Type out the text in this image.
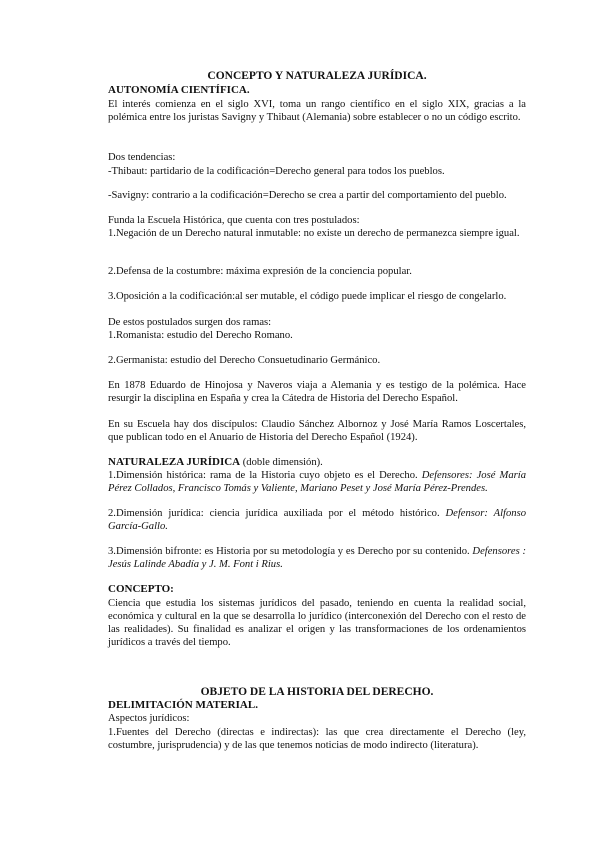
CONCEPTO Y NATURALEZA JURÍDICA.
AUTONOMÍA CIENTÍFICA.

El interés comienza en el siglo XVI, toma un rango científico en el siglo XIX, gracias a la polémica entre los juristas Savigny y Thibaut (Alemania) sobre establecer o no un código escrito.

Dos tendencias:

-Thibaut: partidario de la codificación=Derecho general para todos los pueblos.

-Savigny: contrario a la codificación=Derecho se crea a partir del comportamiento del pueblo.

Funda la Escuela Histórica, que cuenta con tres postulados:

1.Negación de un Derecho natural inmutable: no existe un derecho de permanezca siempre igual.

2.Defensa de la costumbre: máxima expresión de la conciencia popular.

3.Oposición a la codificación:al ser mutable, el código puede implicar el riesgo de congelarlo.

De estos postulados surgen dos ramas:

1.Romanista: estudio del Derecho Romano.

2.Germanista: estudio del Derecho Consuetudinario Germánico.

En 1878 Eduardo de Hinojosa y Naveros viaja a Alemania y es testigo de la polémica. Hace resurgir la disciplina en España y crea la Cátedra de Historia del Derecho Español.

En su Escuela hay dos discípulos: Claudio Sánchez Albornoz y José María Ramos Loscertales, que publican todo en el Anuario de Historia del Derecho Español (1924).

NATURALEZA JURÍDICA (doble dimensión).

1.Dimensión histórica: rama de la Historia cuyo objeto es el Derecho. Defensores: José María Pérez Collados, Francisco Tomás y Valiente, Mariano Peset y José María Pérez-Prendes.

2.Dimensión jurídica: ciencia jurídica auxiliada por el método histórico. Defensor: Alfonso García-Gallo.

3.Dimensión bifronte: es Historia por su metodología y es Derecho por su contenido. Defensores : Jesús Lalinde Abadía y J. M. Font i Rius.

CONCEPTO:

Ciencia que estudia los sistemas jurídicos del pasado, teniendo en cuenta la realidad social, económica y cultural en la que se desarrolla lo jurídico (interconexión del Derecho con el resto de las realidades). Su finalidad es analizar el origen y las transformaciones de los ordenamientos jurídicos a través del tiempo.

OBJETO DE LA HISTORIA DEL DERECHO.
DELIMITACIÓN MATERIAL.

Aspectos jurídicos:

1.Fuentes del Derecho (directas e indirectas): las que crea directamente el Derecho (ley, costumbre, jurisprudencia) y de las que tenemos noticias de modo indirecto (literatura).
